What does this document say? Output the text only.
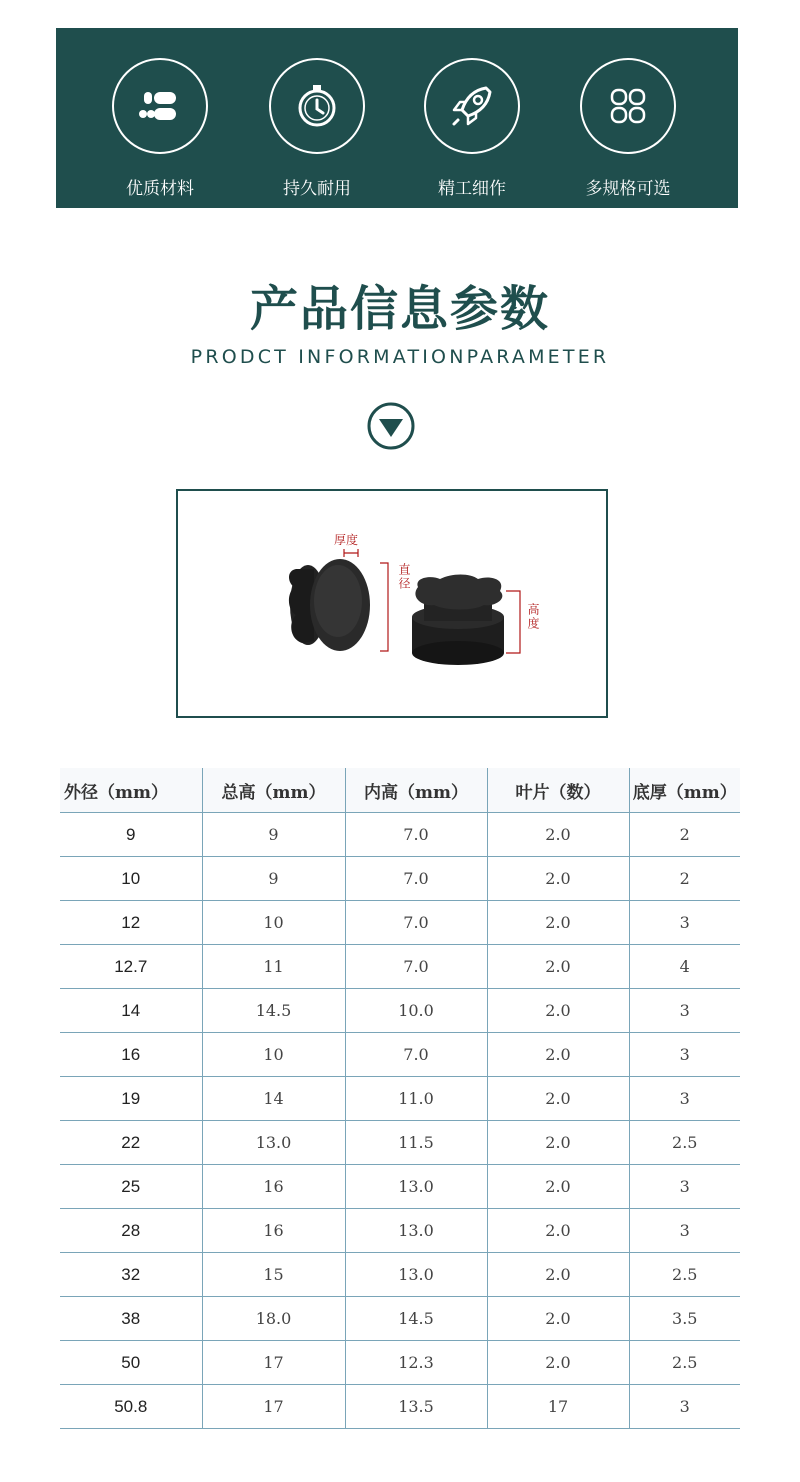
优质材料	持久耐用	精工细作	多规格可选
产品信息参数
PRODCT INFORMATIONPARAMETER
厚度
直径
高度
外径（mm）	总高（mm）	内高（mm）	叶片（数）	底厚（mm）
9	9	7.0	2.0	2
10	9	7.0	2.0	2
12	10	7.0	2.0	3
12.7	11	7.0	2.0	4
14	14.5	10.0	2.0	3
16	10	7.0	2.0	3
19	14	11.0	2.0	3
22	13.0	11.5	2.0	2.5
25	16	13.0	2.0	3
28	16	13.0	2.0	3
32	15	13.0	2.0	2.5
38	18.0	14.5	2.0	3.5
50	17	12.3	2.0	2.5
50.8	17	13.5	17	3
